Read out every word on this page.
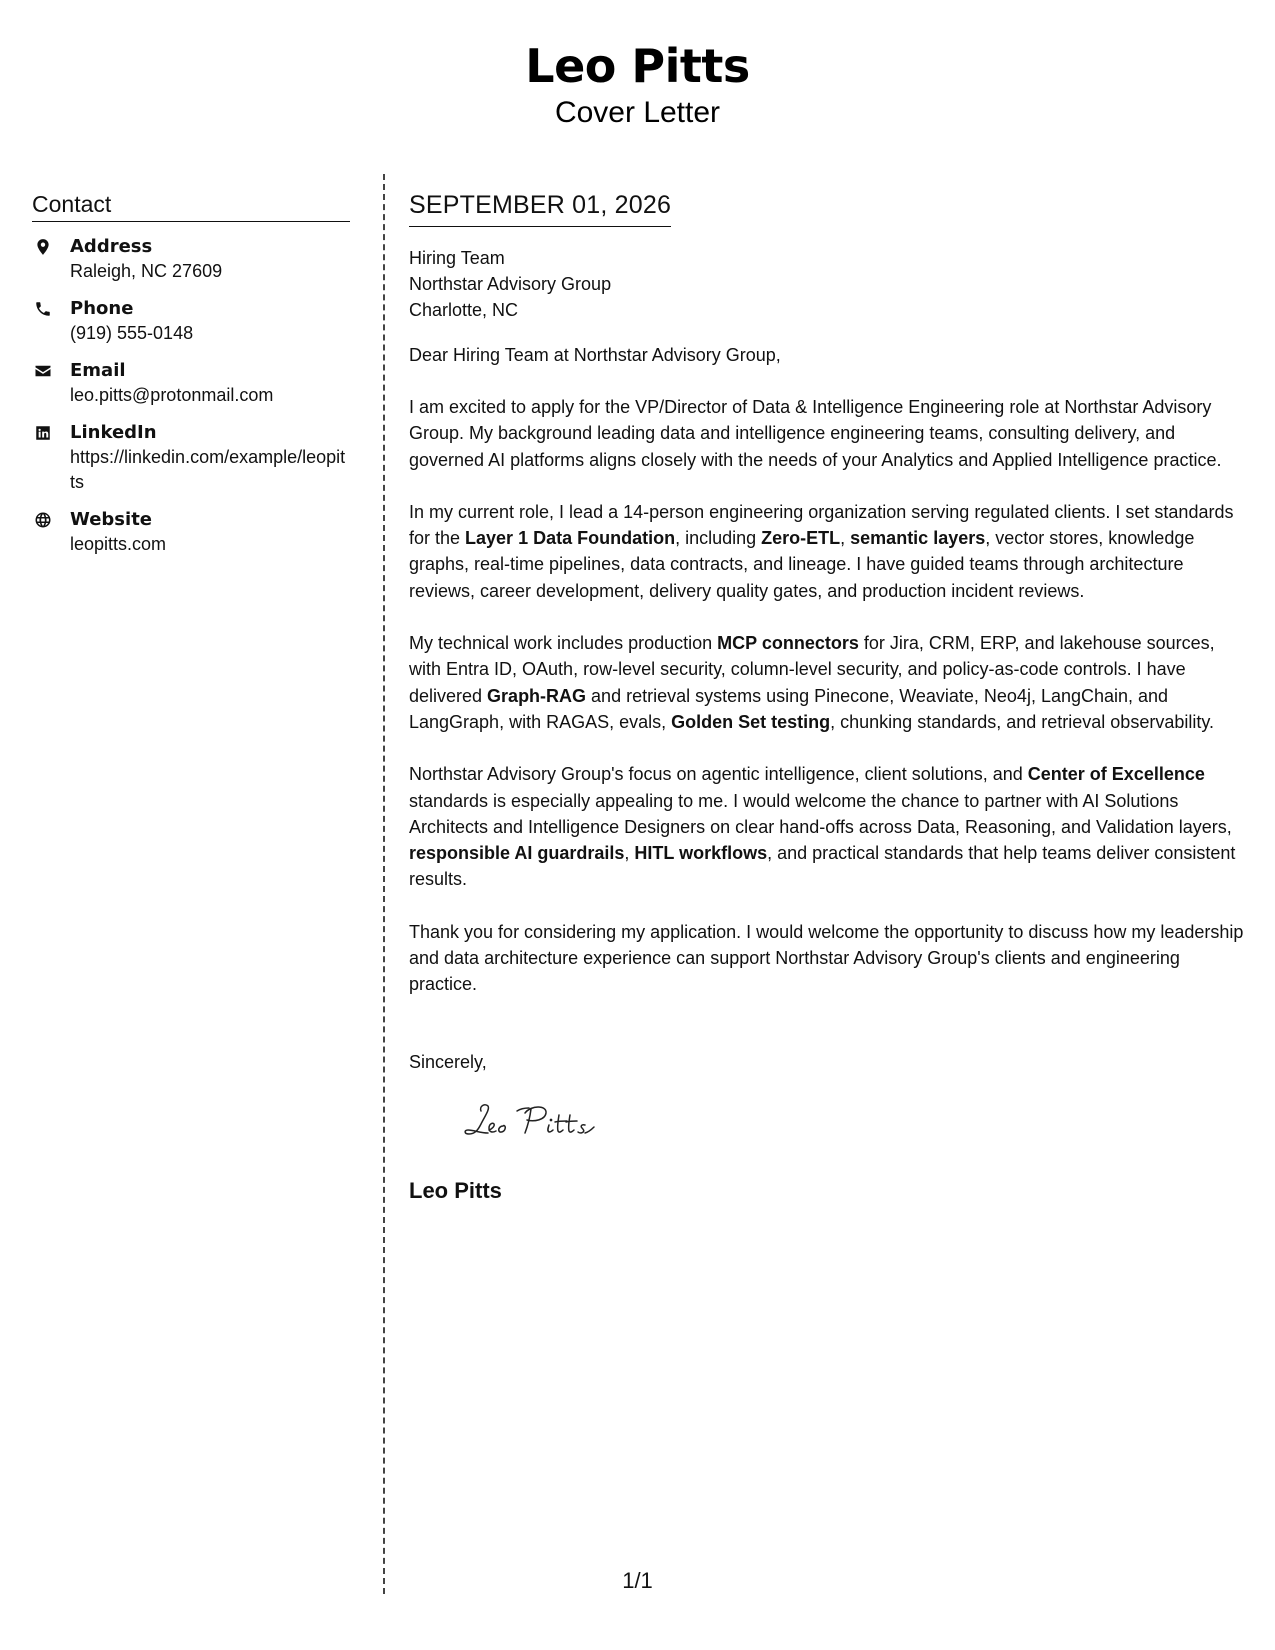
Leo Pitts
Cover Letter
Contact
Address
Raleigh, NC 27609
Phone
(919) 555-0148
Email
leo.pitts@protonmail.com
LinkedIn
https://linkedin.com/example/leopitts
Website
leopitts.com
SEPTEMBER 01, 2026
Hiring Team
Northstar Advisory Group
Charlotte, NC
Dear Hiring Team at Northstar Advisory Group,

I am excited to apply for the VP/Director of Data & Intelligence Engineering role at Northstar Advisory Group. My background leading data and intelligence engineering teams, consulting delivery, and governed AI platforms aligns closely with the needs of your Analytics and Applied Intelligence practice.

In my current role, I lead a 14-person engineering organization serving regulated clients. I set standards for the Layer 1 Data Foundation, including Zero-ETL, semantic layers, vector stores, knowledge graphs, real-time pipelines, data contracts, and lineage. I have guided teams through architecture reviews, career development, delivery quality gates, and production incident reviews.

My technical work includes production MCP connectors for Jira, CRM, ERP, and lakehouse sources, with Entra ID, OAuth, row-level security, column-level security, and policy-as-code controls. I have delivered Graph-RAG and retrieval systems using Pinecone, Weaviate, Neo4j, LangChain, and LangGraph, with RAGAS, evals, Golden Set testing, chunking standards, and retrieval observability.

Northstar Advisory Group's focus on agentic intelligence, client solutions, and Center of Excellence standards is especially appealing to me. I would welcome the chance to partner with AI Solutions Architects and Intelligence Designers on clear hand-offs across Data, Reasoning, and Validation layers, responsible AI guardrails, HITL workflows, and practical standards that help teams deliver consistent results.

Thank you for considering my application. I would welcome the opportunity to discuss how my leadership and data architecture experience can support Northstar Advisory Group's clients and engineering practice.

Sincerely,
Leo Pitts
1/1
